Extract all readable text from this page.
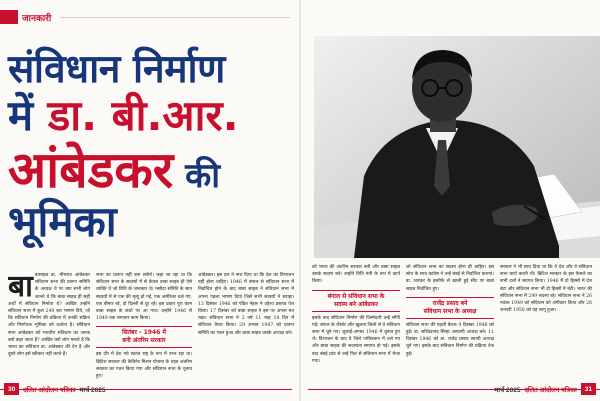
जानकारी
संविधान निर्माण
में डा. बी.आर.
आंबेडकर की
भूमिका
बा बासाहब डा. भीमराव आंबेडकर संविधान सभा की प्रारूप समिति के अध्यक्ष थे पर क्या सभी लोग जानते थे कि बाबा साहब ही सही अर्थों में संविधान निर्माता थे? आखिर उन्होंने संविधान सभा में कुल 249 बार भाषण दिये, जो कि संविधान निर्माण की प्रक्रिया में उनकी सक्रिय और निर्णायक भूमिका को दर्शाता है। संविधान सभा आंबेडकर को भारतीय संविधान का जनक क्यों कहा जाता है? आखिर क्यों लोग मानते हैं कि भारत का संविधान डा. आंबेडकर की देन है और दूसरे लोग इसे स्वीकार नहीं करते हैं।
सभा का प्रारूप नहीं बना सकेंगे। कहा जा रहा था कि संविधान सभा के सदस्यों में से केवल बाबा साहब ही ऐसे व्यक्ति थे जो विधि के जानकार थे। मसौदा समिति के सात सदस्यों में से एक की मृत्यु हो गई, एक अमेरिका चले गए, एक बीमार रहे, दो दिल्ली से दूर रहे। इस प्रकार पूरा काम बाबा साहब के कंधों पर आ गया। उन्होंने 1946 से 1949 तक लगातार काम किया।
सितंबर - 1946 में
बनी अंतरिम सरकार
इस दौर में देश नये स्वतंत्र राष्ट्र के रूप में उभर रहा था। ब्रिटिश सरकार की कैबिनेट मिशन योजना के तहत अंतरिम सरकार का गठन किया गया और संविधान सभा के चुनाव हुए।
आंबेडकर। इस दल ने नारा दिया था कि देश का विभाजन नहीं होना चाहिए। 1946 में बंगाल से संविधान सभा में निर्वाचित होने के बाद बाबा साहब ने संविधान सभा में अपना पहला भाषण दिया जिसे सभी सदस्यों ने सराहा। 13 दिसंबर 1946 को पंडित नेहरू ने उद्देश्य प्रस्ताव पेश किया। 17 दिसंबर को बाबा साहब ने इस पर अपना मत रखा। संविधान सभा ने 2 वर्ष 11 माह 18 दिन में संविधान तैयार किया। 29 अगस्त 1947 को प्रारूप समिति का गठन हुआ और बाबा साहब उसके अध्यक्ष बने।
को भारत की अंतरिम सरकार बनी और बाबा साहब उसके सदस्य बने। उन्होंने विधि मंत्री के रूप में कार्य किया।
बंगाल से संविधान सभा के
सदस्य बने आंबेडकर
इसके बाद संविधान निर्माण की जिम्मेदारी उन्हें सौंपी गई। बंगाल के जैसोर और खुलना जिलों से वे संविधान सभा में चुने गए। जुलाई-अगस्त 1946 में चुनाव हुए थे। विभाजन के बाद ये जिले पाकिस्तान में चले गए और बाबा साहब की सदस्यता समाप्त हो गई। इसके बाद बंबई प्रांत से उन्हें फिर से संविधान सभा में भेजा गया।
जो संविधान सभा का सदस्य होना ही चाहिए। इस सोच के साथ कांग्रेस ने उन्हें बंबई से निर्वाचित कराया। डा. जयकर के इस्तीफे से खाली हुई सीट पर बाबा साहब निर्वाचित हुए।
राजेंद्र प्रसाद बने
संविधान सभा के अध्यक्ष
संविधान सभा की पहली बैठक 9 दिसंबर 1946 को हुई। डा. सच्चिदानंद सिन्हा अस्थायी अध्यक्ष बने। 11 दिसंबर 1946 को डा. राजेंद्र प्रसाद स्थायी अध्यक्ष चुने गए। इसके बाद संविधान निर्माण की प्रक्रिया तेज हुई।
सरकार ने भी साथ दिया था कि ये देश और वे संविधान सभा कार्य करती थी। ब्रिटिश सरकार के इस फैसले का सभी दलों ने स्वागत किया। 1946 में दो हिस्सों में देश बंटा और संविधान सभा भी दो हिस्सों में बंटी। भारत की संविधान सभा में 299 सदस्य रहे। संविधान सभा ने 26 नवंबर 1949 को संविधान को अंगीकार किया और 26 जनवरी 1950 को यह लागू हुआ।
30	दलित आंदोलन पत्रिका मार्च 2025	मार्च 2025 दलित आंदोलन पत्रिका	31
